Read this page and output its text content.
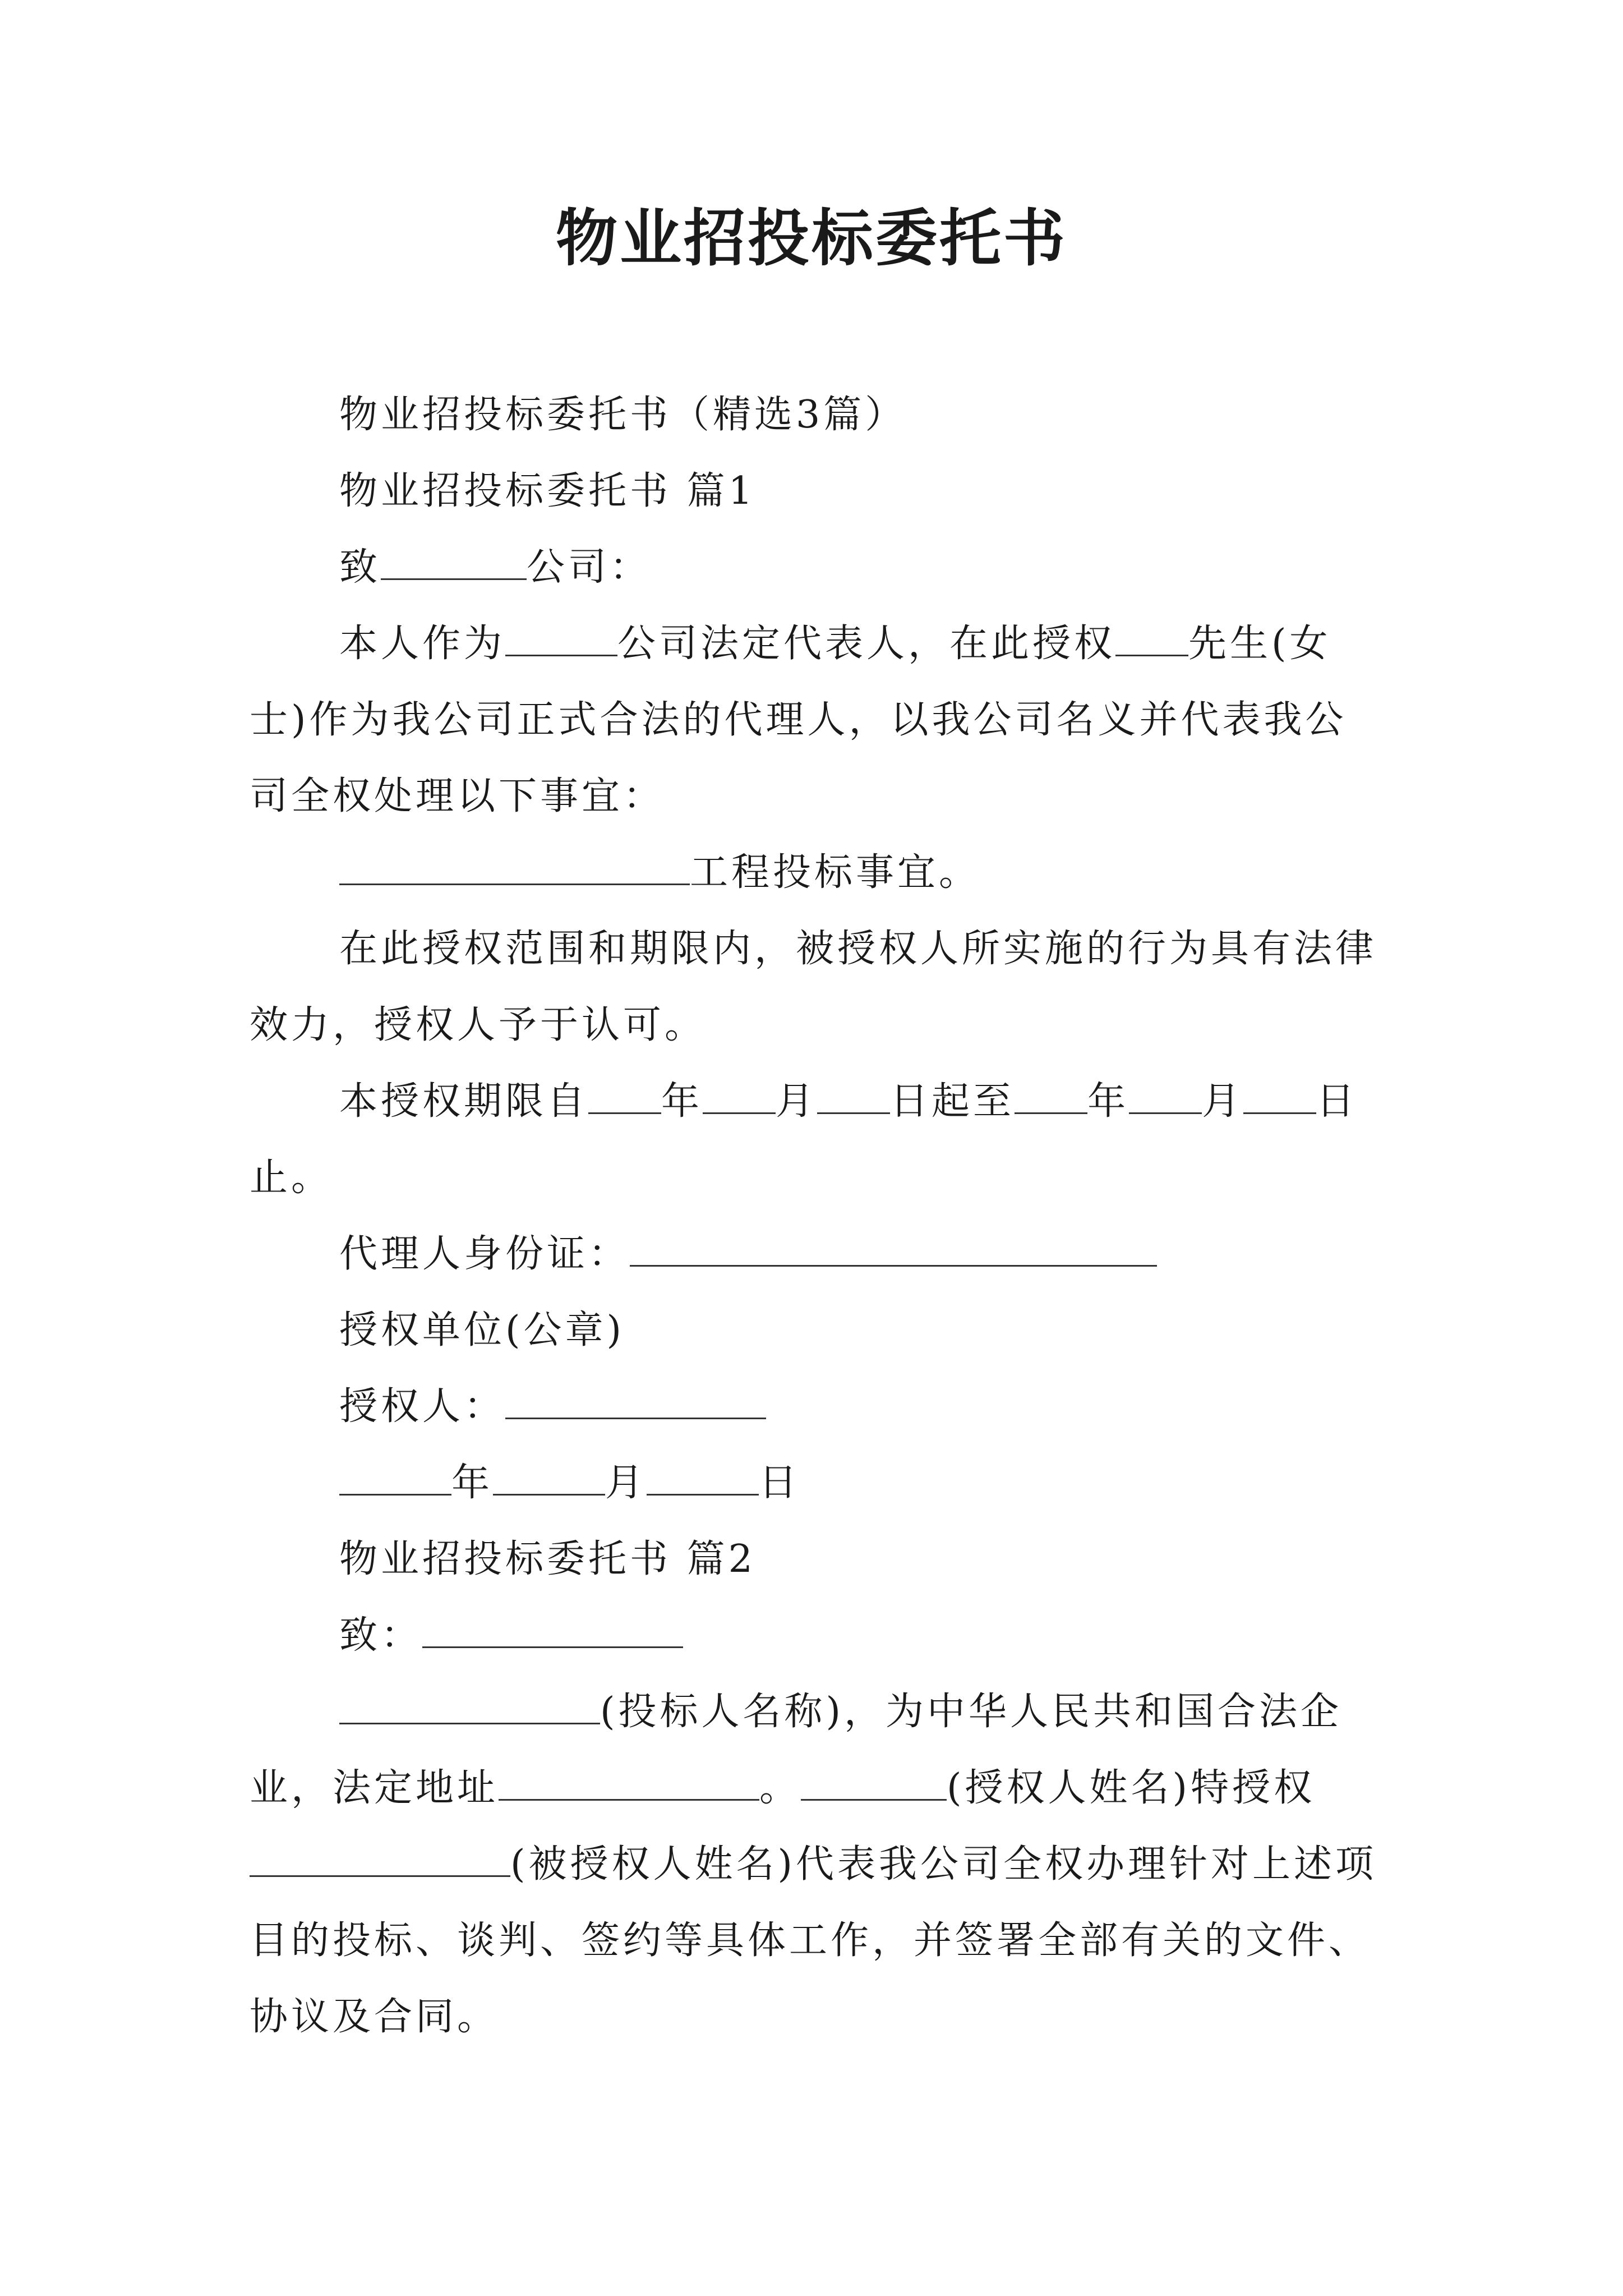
物业招投标委托书

物业招投标委托书（精选3篇）

物业招投标委托书 篇1

致	公司：

本人作为	公司法定代表人，在此授权 先生(女士)作为我公司正式合法的代理人，以我公司名义并代表我公司全权处理以下事宜：

工程投标事宜。

在此授权范围和期限内，被授权人所实施的行为具有法律效力，授权人予于认可。

本授权期限自 年 月 日起至 年 月 日止。

代理人身份证：

授权单位(公章)

授权人：

年	月	日

物业招投标委托书 篇2

致：

(投标人名称)，为中华人民共和国合法企业，法定地址	。	(授权人姓名)特授权(被授权人姓名)代表我公司全权办理针对上述项目的投标、谈判、签约等具体工作，并签署全部有关的文件、协议及合同。
